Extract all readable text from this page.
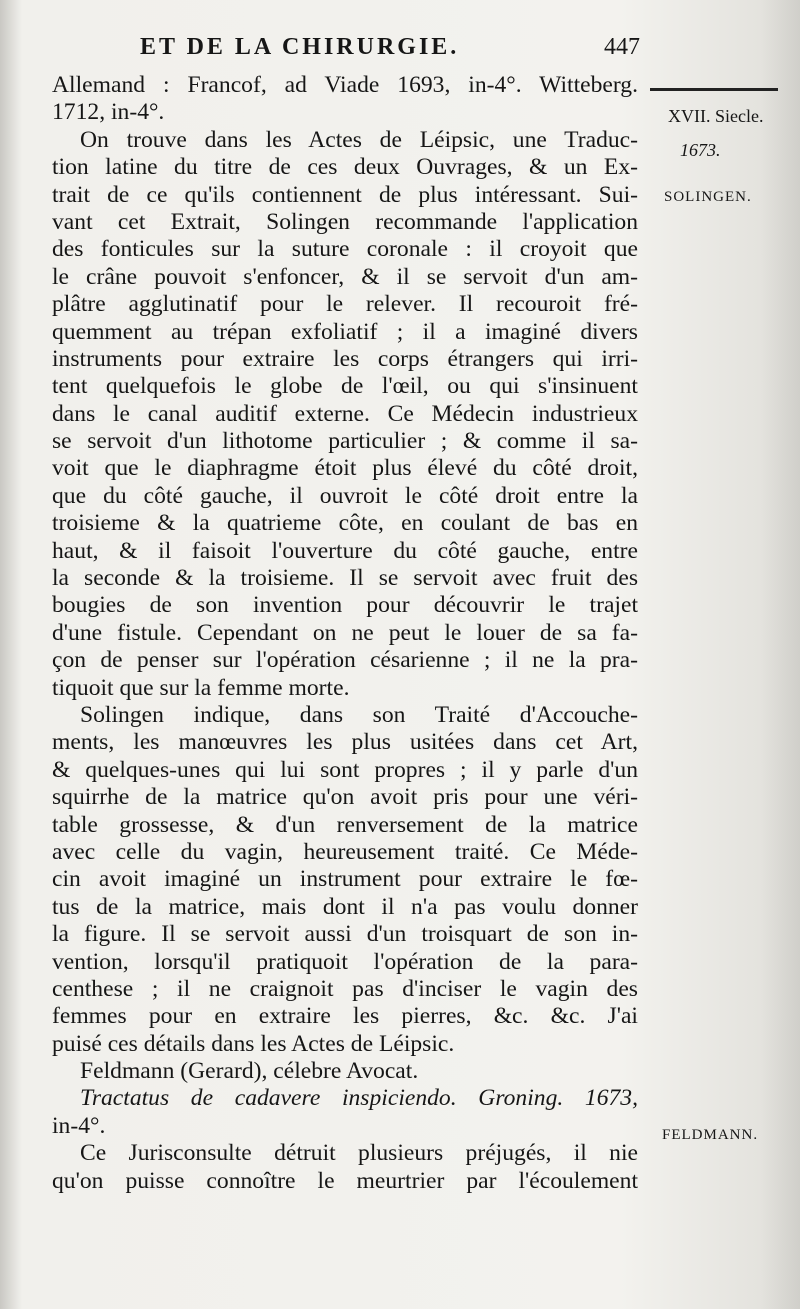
ET DE LA CHIRURGIE.	447
XVII. Siecle.
1673.
SOLINGEN.
FELDMANN.
Allemand : Francof, ad Viade 1693, in-4°. Witteberg.
1712, in-4°.
On trouve dans les Actes de Léipsic, une Traduc-
tion latine du titre de ces deux Ouvrages, & un Ex-
trait de ce qu'ils contiennent de plus intéressant. Sui-
vant cet Extrait, Solingen recommande l'application
des fonticules sur la suture coronale : il croyoit que
le crâne pouvoit s'enfoncer, & il se servoit d'un am-
plâtre agglutinatif pour le relever. Il recouroit fré-
quemment au trépan exfoliatif ; il a imaginé divers
instruments pour extraire les corps étrangers qui irri-
tent quelquefois le globe de l'œil, ou qui s'insinuent
dans le canal auditif externe. Ce Médecin industrieux
se servoit d'un lithotome particulier ; & comme il sa-
voit que le diaphragme étoit plus élevé du côté droit,
que du côté gauche, il ouvroit le côté droit entre la
troisieme & la quatrieme côte, en coulant de bas en
haut, & il faisoit l'ouverture du côté gauche, entre
la seconde & la troisieme. Il se servoit avec fruit des
bougies de son invention pour découvrir le trajet
d'une fistule. Cependant on ne peut le louer de sa fa-
çon de penser sur l'opération césarienne ; il ne la pra-
tiquoit que sur la femme morte.
Solingen indique, dans son Traité d'Accouche-
ments, les manœuvres les plus usitées dans cet Art,
& quelques-unes qui lui sont propres ; il y parle d'un
squirrhe de la matrice qu'on avoit pris pour une véri-
table grossesse, & d'un renversement de la matrice
avec celle du vagin, heureusement traité. Ce Méde-
cin avoit imaginé un instrument pour extraire le fœ-
tus de la matrice, mais dont il n'a pas voulu donner
la figure. Il se servoit aussi d'un troisquart de son in-
vention, lorsqu'il pratiquoit l'opération de la para-
centhese ; il ne craignoit pas d'inciser le vagin des
femmes pour en extraire les pierres, &c. &c. J'ai
puisé ces détails dans les Actes de Léipsic.
Feldmann (Gerard), célebre Avocat.
Tractatus de cadavere inspiciendo. Groning. 1673,
in-4°.
Ce Jurisconsulte détruit plusieurs préjugés, il nie
qu'on puisse connoître le meurtrier par l'écoulement
